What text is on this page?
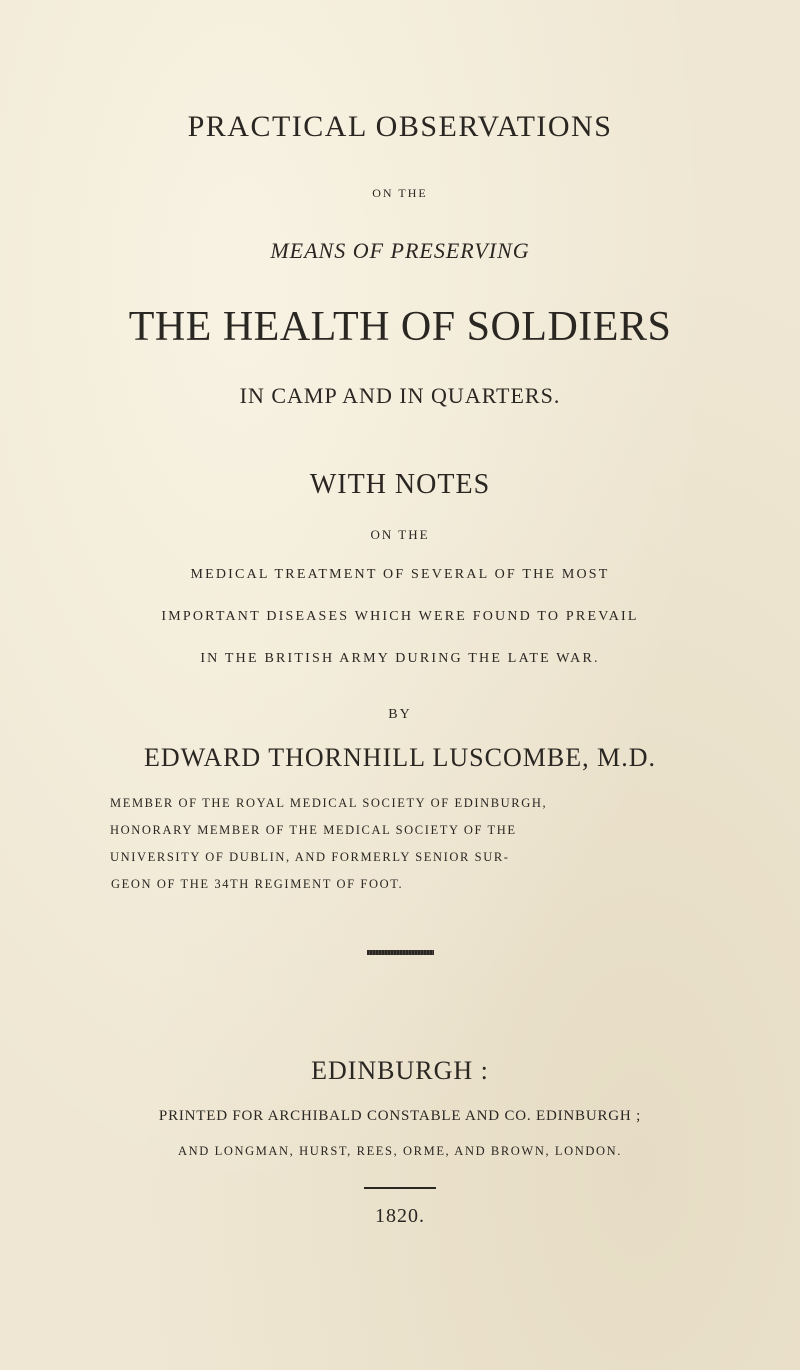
PRACTICAL OBSERVATIONS
ON THE
MEANS OF PRESERVING
THE HEALTH OF SOLDIERS
IN CAMP AND IN QUARTERS.
WITH NOTES
ON THE
MEDICAL TREATMENT OF SEVERAL OF THE MOST
IMPORTANT DISEASES WHICH WERE FOUND TO PREVAIL
IN THE BRITISH ARMY DURING THE LATE WAR.
BY
EDWARD THORNHILL LUSCOMBE, M.D.
MEMBER OF THE ROYAL MEDICAL SOCIETY OF EDINBURGH,
HONORARY MEMBER OF THE MEDICAL SOCIETY OF THE
UNIVERSITY OF DUBLIN, AND FORMERLY SENIOR SUR-
GEON OF THE 34TH REGIMENT OF FOOT.
EDINBURGH :
PRINTED FOR ARCHIBALD CONSTABLE AND CO. EDINBURGH ;
AND LONGMAN, HURST, REES, ORME, AND BROWN, LONDON.
1820.
